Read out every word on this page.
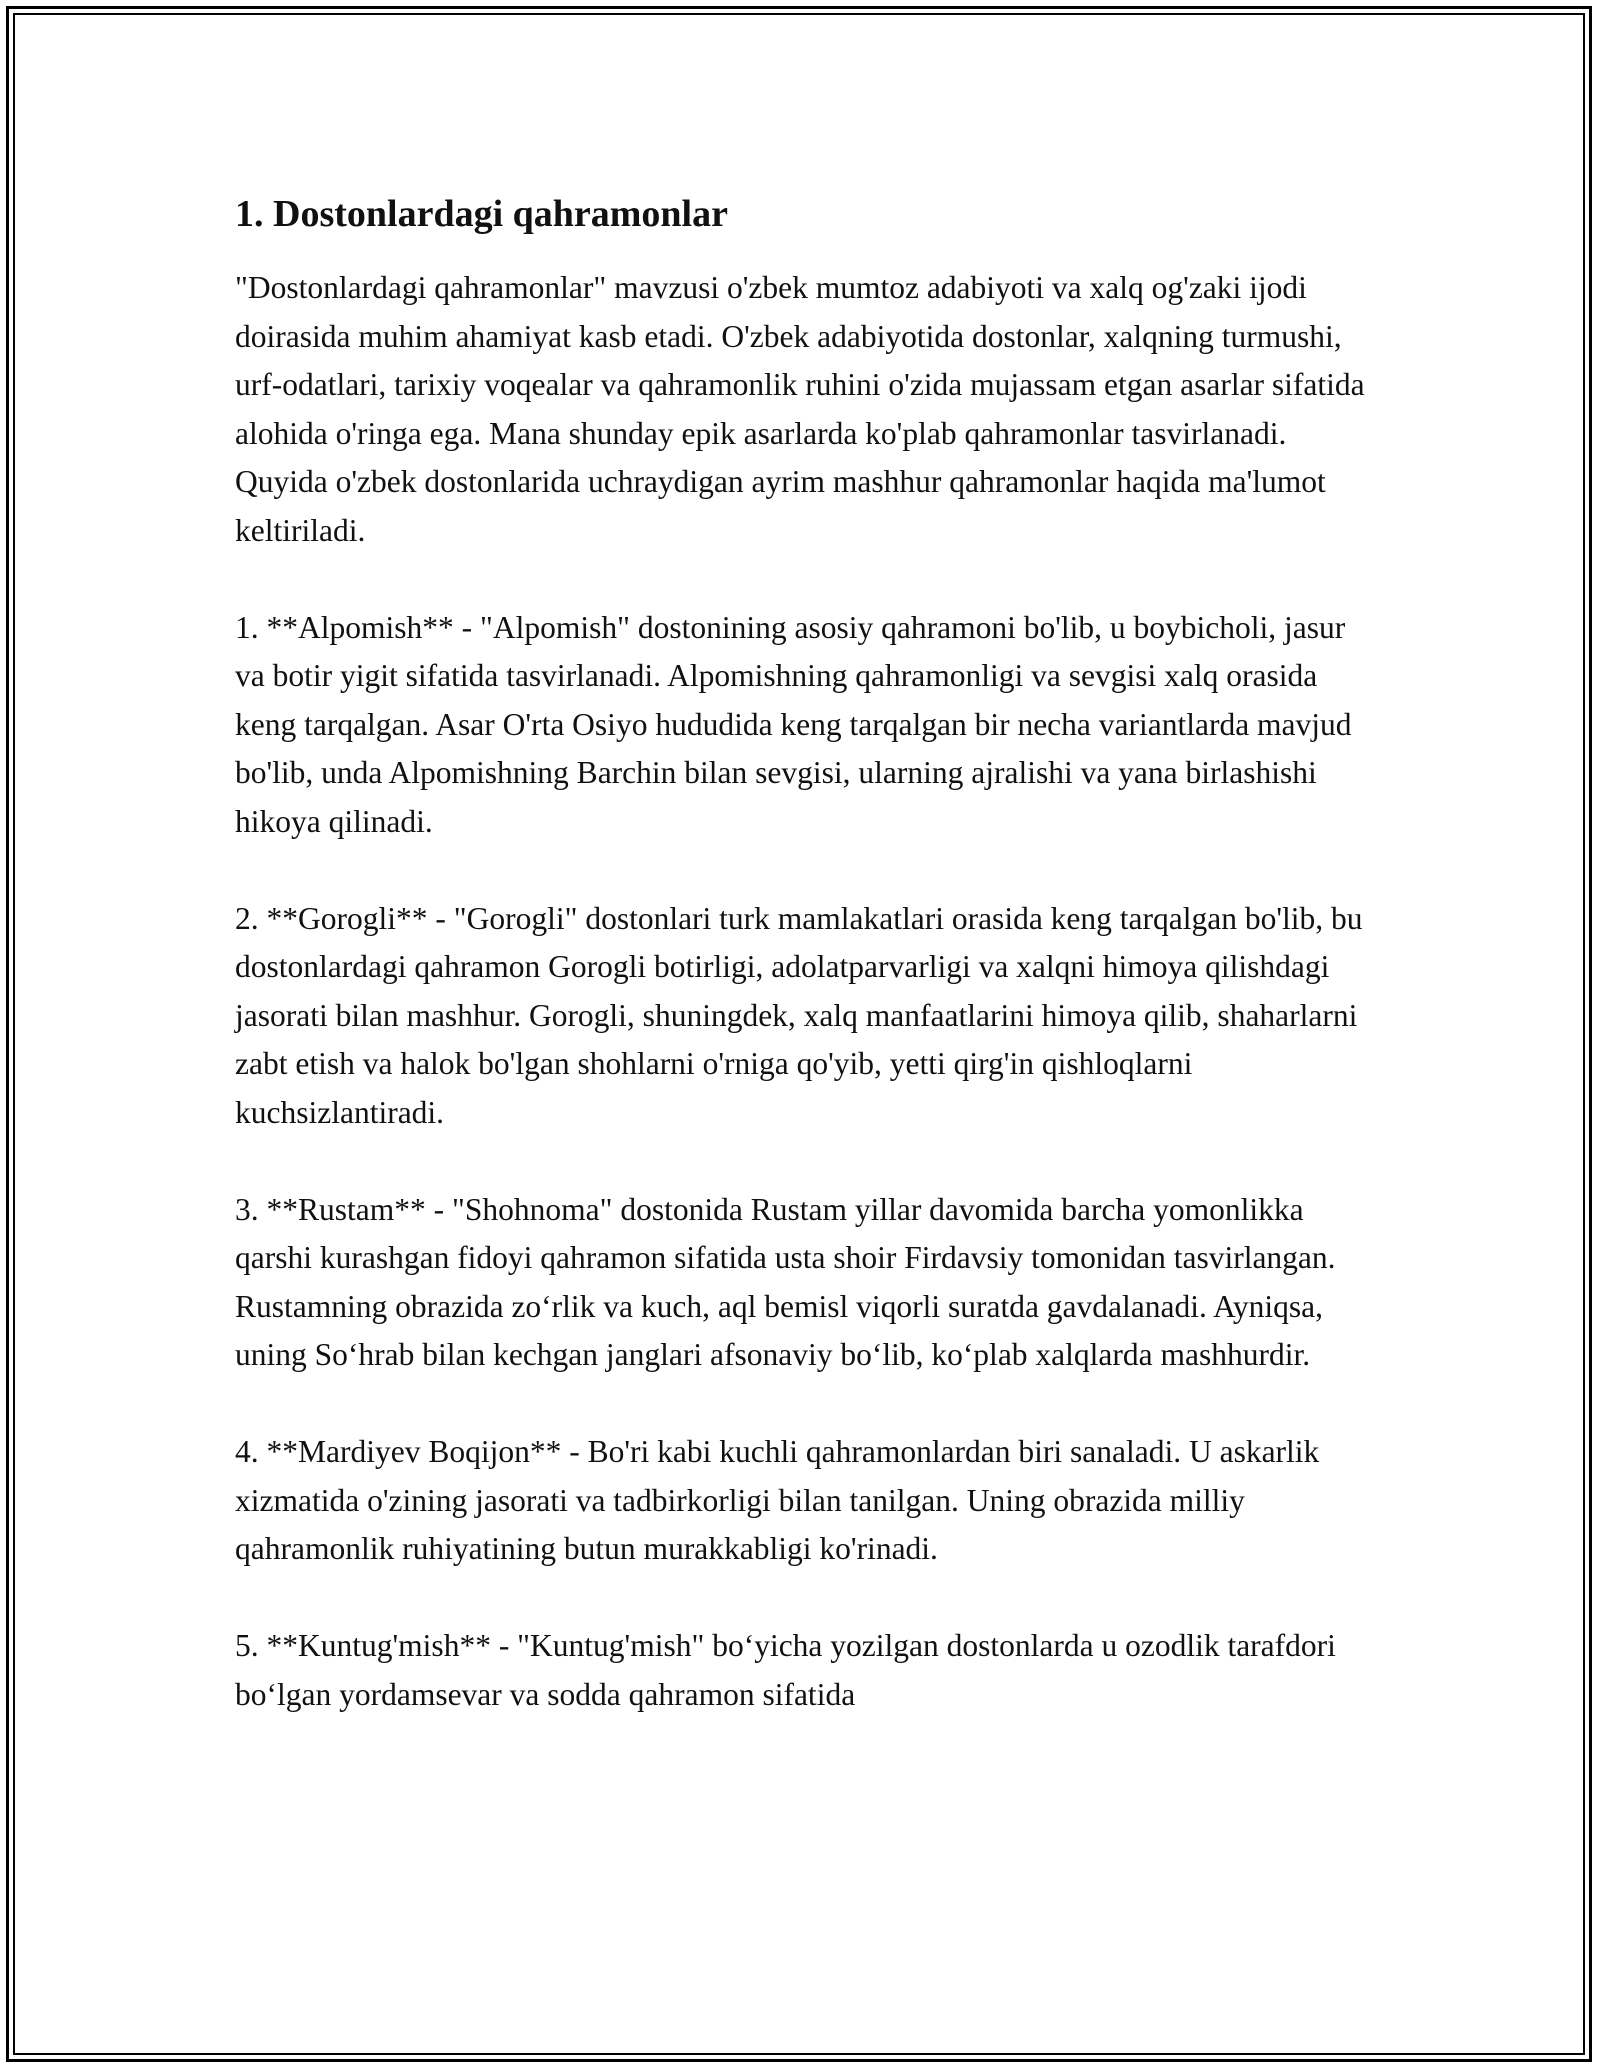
1. Dostonlardagi qahramonlar

"Dostonlardagi qahramonlar" mavzusi o'zbek mumtoz adabiyoti va xalq og'zaki ijodi doirasida muhim ahamiyat kasb etadi. O'zbek adabiyotida dostonlar, xalqning turmushi, urf-odatlari, tarixiy voqealar va qahramonlik ruhini o'zida mujassam etgan asarlar sifatida alohida o'ringa ega. Mana shunday epik asarlarda ko'plab qahramonlar tasvirlanadi. Quyida o'zbek dostonlarida uchraydigan ayrim mashhur qahramonlar haqida ma'lumot keltiriladi.

1. **Alpomish** - "Alpomish" dostonining asosiy qahramoni bo'lib, u boybicholi, jasur va botir yigit sifatida tasvirlanadi. Alpomishning qahramonligi va sevgisi xalq orasida keng tarqalgan. Asar O'rta Osiyo hududida keng tarqalgan bir necha variantlarda mavjud bo'lib, unda Alpomishning Barchin bilan sevgisi, ularning ajralishi va yana birlashishi hikoya qilinadi.

2. **Gorogli** - "Gorogli" dostonlari turk mamlakatlari orasida keng tarqalgan bo'lib, bu dostonlardagi qahramon Gorogli botirligi, adolatparvarligi va xalqni himoya qilishdagi jasorati bilan mashhur. Gorogli, shuningdek, xalq manfaatlarini himoya qilib, shaharlarni zabt etish va halok bo'lgan shohlarni o'rniga qo'yib, yetti qirg'in qishloqlarni kuchsizlantiradi.

3. **Rustam** - "Shohnoma" dostonida Rustam yillar davomida barcha yomonlikka qarshi kurashgan fidoyi qahramon sifatida usta shoir Firdavsiy tomonidan tasvirlangan. Rustamning obrazida zo‘rlik va kuch, aql bemisl viqorli suratda gavdalanadi. Ayniqsa, uning So‘hrab bilan kechgan janglari afsonaviy bo‘lib, ko‘plab xalqlarda mashhurdir.

4. **Mardiyev Boqijon** - Bo'ri kabi kuchli qahramonlardan biri sanaladi. U askarlik xizmatida o'zining jasorati va tadbirkorligi bilan tanilgan. Uning obrazida milliy qahramonlik ruhiyatining butun murakkabligi ko'rinadi.

5. **Kuntug'mish** - "Kuntug'mish" bo‘yicha yozilgan dostonlarda u ozodlik tarafdori bo‘lgan yordamsevar va sodda qahramon sifatida
